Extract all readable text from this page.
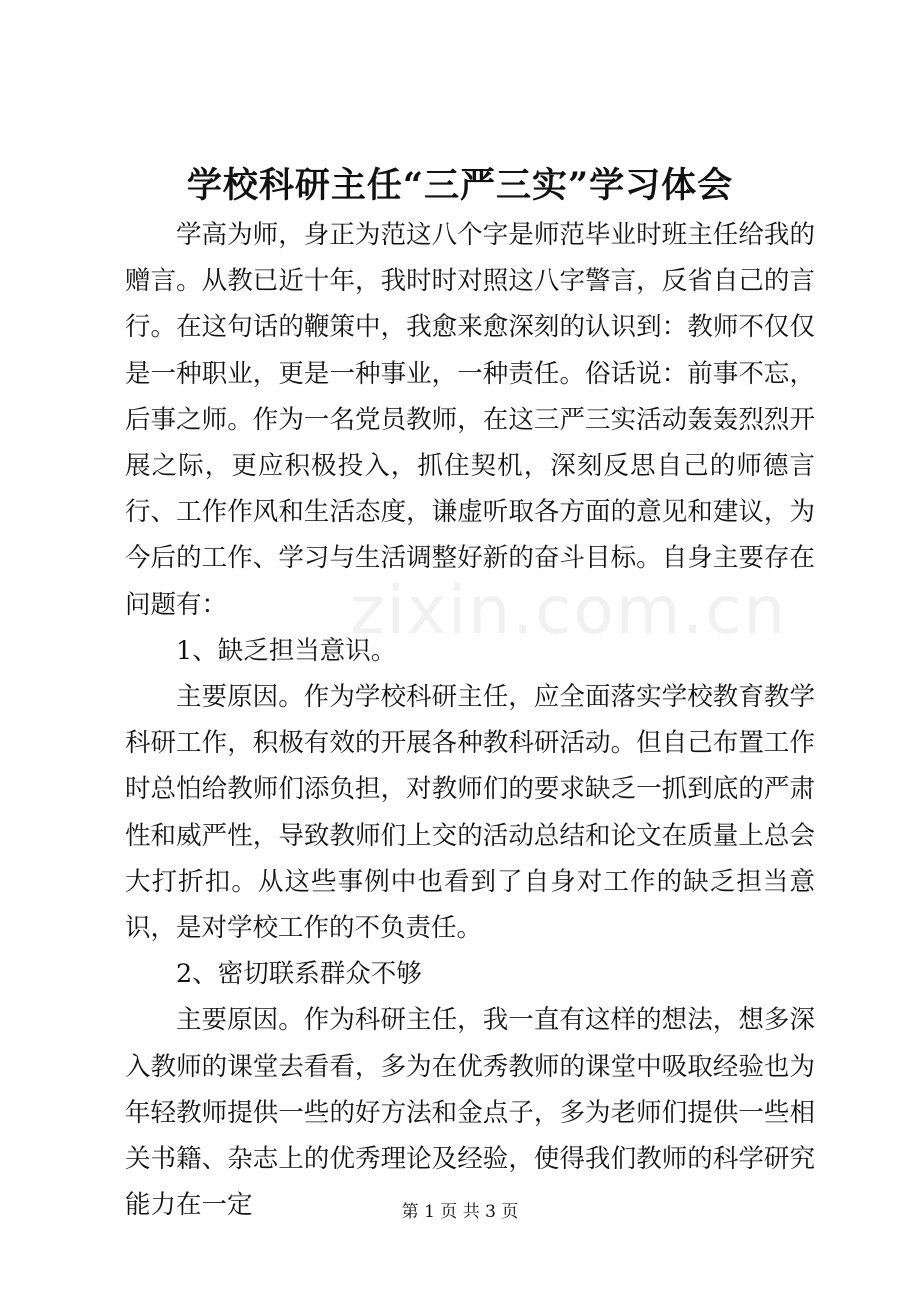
学校科研主任“三严三实”学习体会

学高为师，身正为范这八个字是师范毕业时班主任给我的赠言。从教已近十年，我时时对照这八字警言，反省自己的言行。在这句话的鞭策中，我愈来愈深刻的认识到：教师不仅仅是一种职业，更是一种事业，一种责任。俗话说：前事不忘，后事之师。作为一名党员教师，在这三严三实活动轰轰烈烈开展之际，更应积极投入，抓住契机，深刻反思自己的师德言行、工作作风和生活态度，谦虚听取各方面的意见和建议，为今后的工作、学习与生活调整好新的奋斗目标。自身主要存在问题有：

1、缺乏担当意识。

主要原因。作为学校科研主任，应全面落实学校教育教学科研工作，积极有效的开展各种教科研活动。但自己布置工作时总怕给教师们添负担，对教师们的要求缺乏一抓到底的严肃性和威严性，导致教师们上交的活动总结和论文在质量上总会大打折扣。从这些事例中也看到了自身对工作的缺乏担当意识，是对学校工作的不负责任。

2、密切联系群众不够

主要原因。作为科研主任，我一直有这样的想法，想多深入教师的课堂去看看，多为在优秀教师的课堂中吸取经验也为年轻教师提供一些的好方法和金点子，多为老师们提供一些相关书籍、杂志上的优秀理论及经验，使得我们教师的科学研究能力在一定

zixin.com.cn
第 1 页 共 3 页
